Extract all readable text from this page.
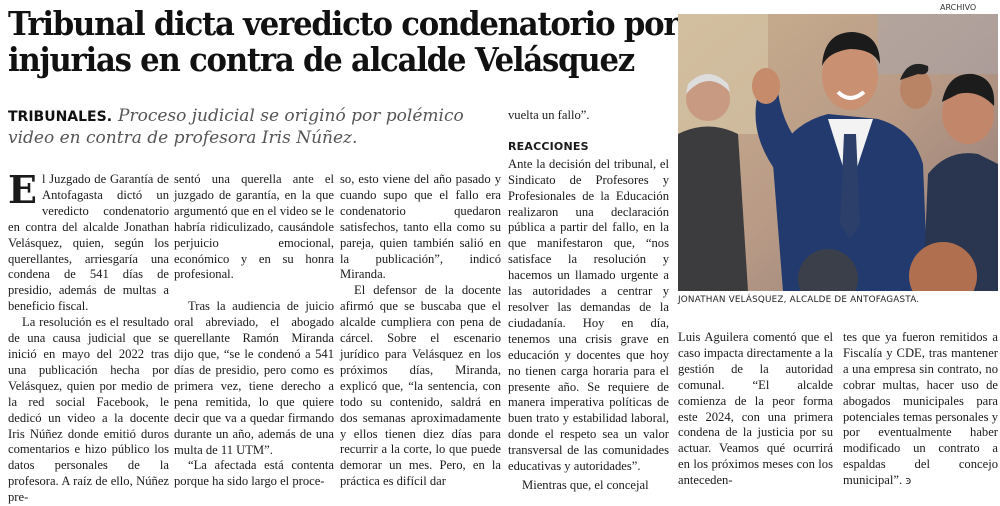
Tribunal dicta veredicto condenatorio por
injurias en contra de alcalde Velásquez
TRIBUNALES. Proceso judicial se originó por polémico video en contra de profesora Iris Núñez.

El Juzgado de Garantía de Antofagasta dictó un veredicto condenatorio en contra del alcalde Jonathan Velásquez, quien, según los querellantes, arriesgaría una condena de 541 días de presidio, además de multas a beneficio fiscal.

La resolución es el resultado de una causa judicial que se inició en mayo del 2022 tras una publicación hecha por Velásquez, quien por medio de la red social Facebook, le dedicó un video a la docente Iris Núñez donde emitió duros comentarios e hizo público los datos personales de la profesora. A raíz de ello, Núñez pre-

sentó una querella ante el juzgado de garantía, en la que argumentó que en el video se le habría ridiculizado, causándole perjuicio emocional, económico y en su honra profesional.

Tras la audiencia de juicio oral abreviado, el abogado querellante Ramón Miranda dijo que, “se le condenó a 541 días de presidio, pero como es primera vez, tiene derecho a pena remitida, lo que quiere decir que va a quedar firmando durante un año, además de una multa de 11 UTM”.

“La afectada está contenta porque ha sido largo el proce-

so, esto viene del año pasado y cuando supo que el fallo era condenatorio quedaron satisfechos, tanto ella como su pareja, quien también salió en la publicación”, indicó Miranda.

El defensor de la docente afirmó que se buscaba que el alcalde cumpliera con pena de cárcel. Sobre el escenario jurídico para Velásquez en los próximos días, Miranda, explicó que, “la sentencia, con todo su contenido, saldrá en dos semanas aproximadamente y ellos tienen diez días para recurrir a la corte, lo que puede demorar un mes. Pero, en la práctica es difícil dar

vuelta un fallo”.

REACCIONES

Ante la decisión del tribunal, el Sindicato de Profesores y Profesionales de la Educación realizaron una declaración pública a partir del fallo, en la que manifestaron que, “nos satisface la resolución y hacemos un llamado urgente a las autoridades a centrar y resolver las demandas de la ciudadanía. Hoy en día, tenemos una crisis grave en educación y docentes que hoy no tienen carga horaria para el presente año. Se requiere de manera imperativa políticas de buen trato y estabilidad laboral, donde el respeto sea un valor transversal de las comunidades educativas y autoridades”.

Mientras que, el concejal

ARCHIVO
JONATHAN VELÁSQUEZ, ALCALDE DE ANTOFAGASTA.

Luis Aguilera comentó que el caso impacta directamente a la gestión de la autoridad comunal. “El alcalde comienza de la peor forma este 2024, con una primera condena de la justicia por su actuar. Veamos qué ocurrirá en los próximos meses con los anteceden-

tes que ya fueron remitidos a Fiscalía y CDE, tras mantener a una empresa sin contrato, no cobrar multas, hacer uso de abogados municipales para potenciales temas personales y por eventualmente haber modificado un contrato a espaldas del concejo municipal”. ꜿ
